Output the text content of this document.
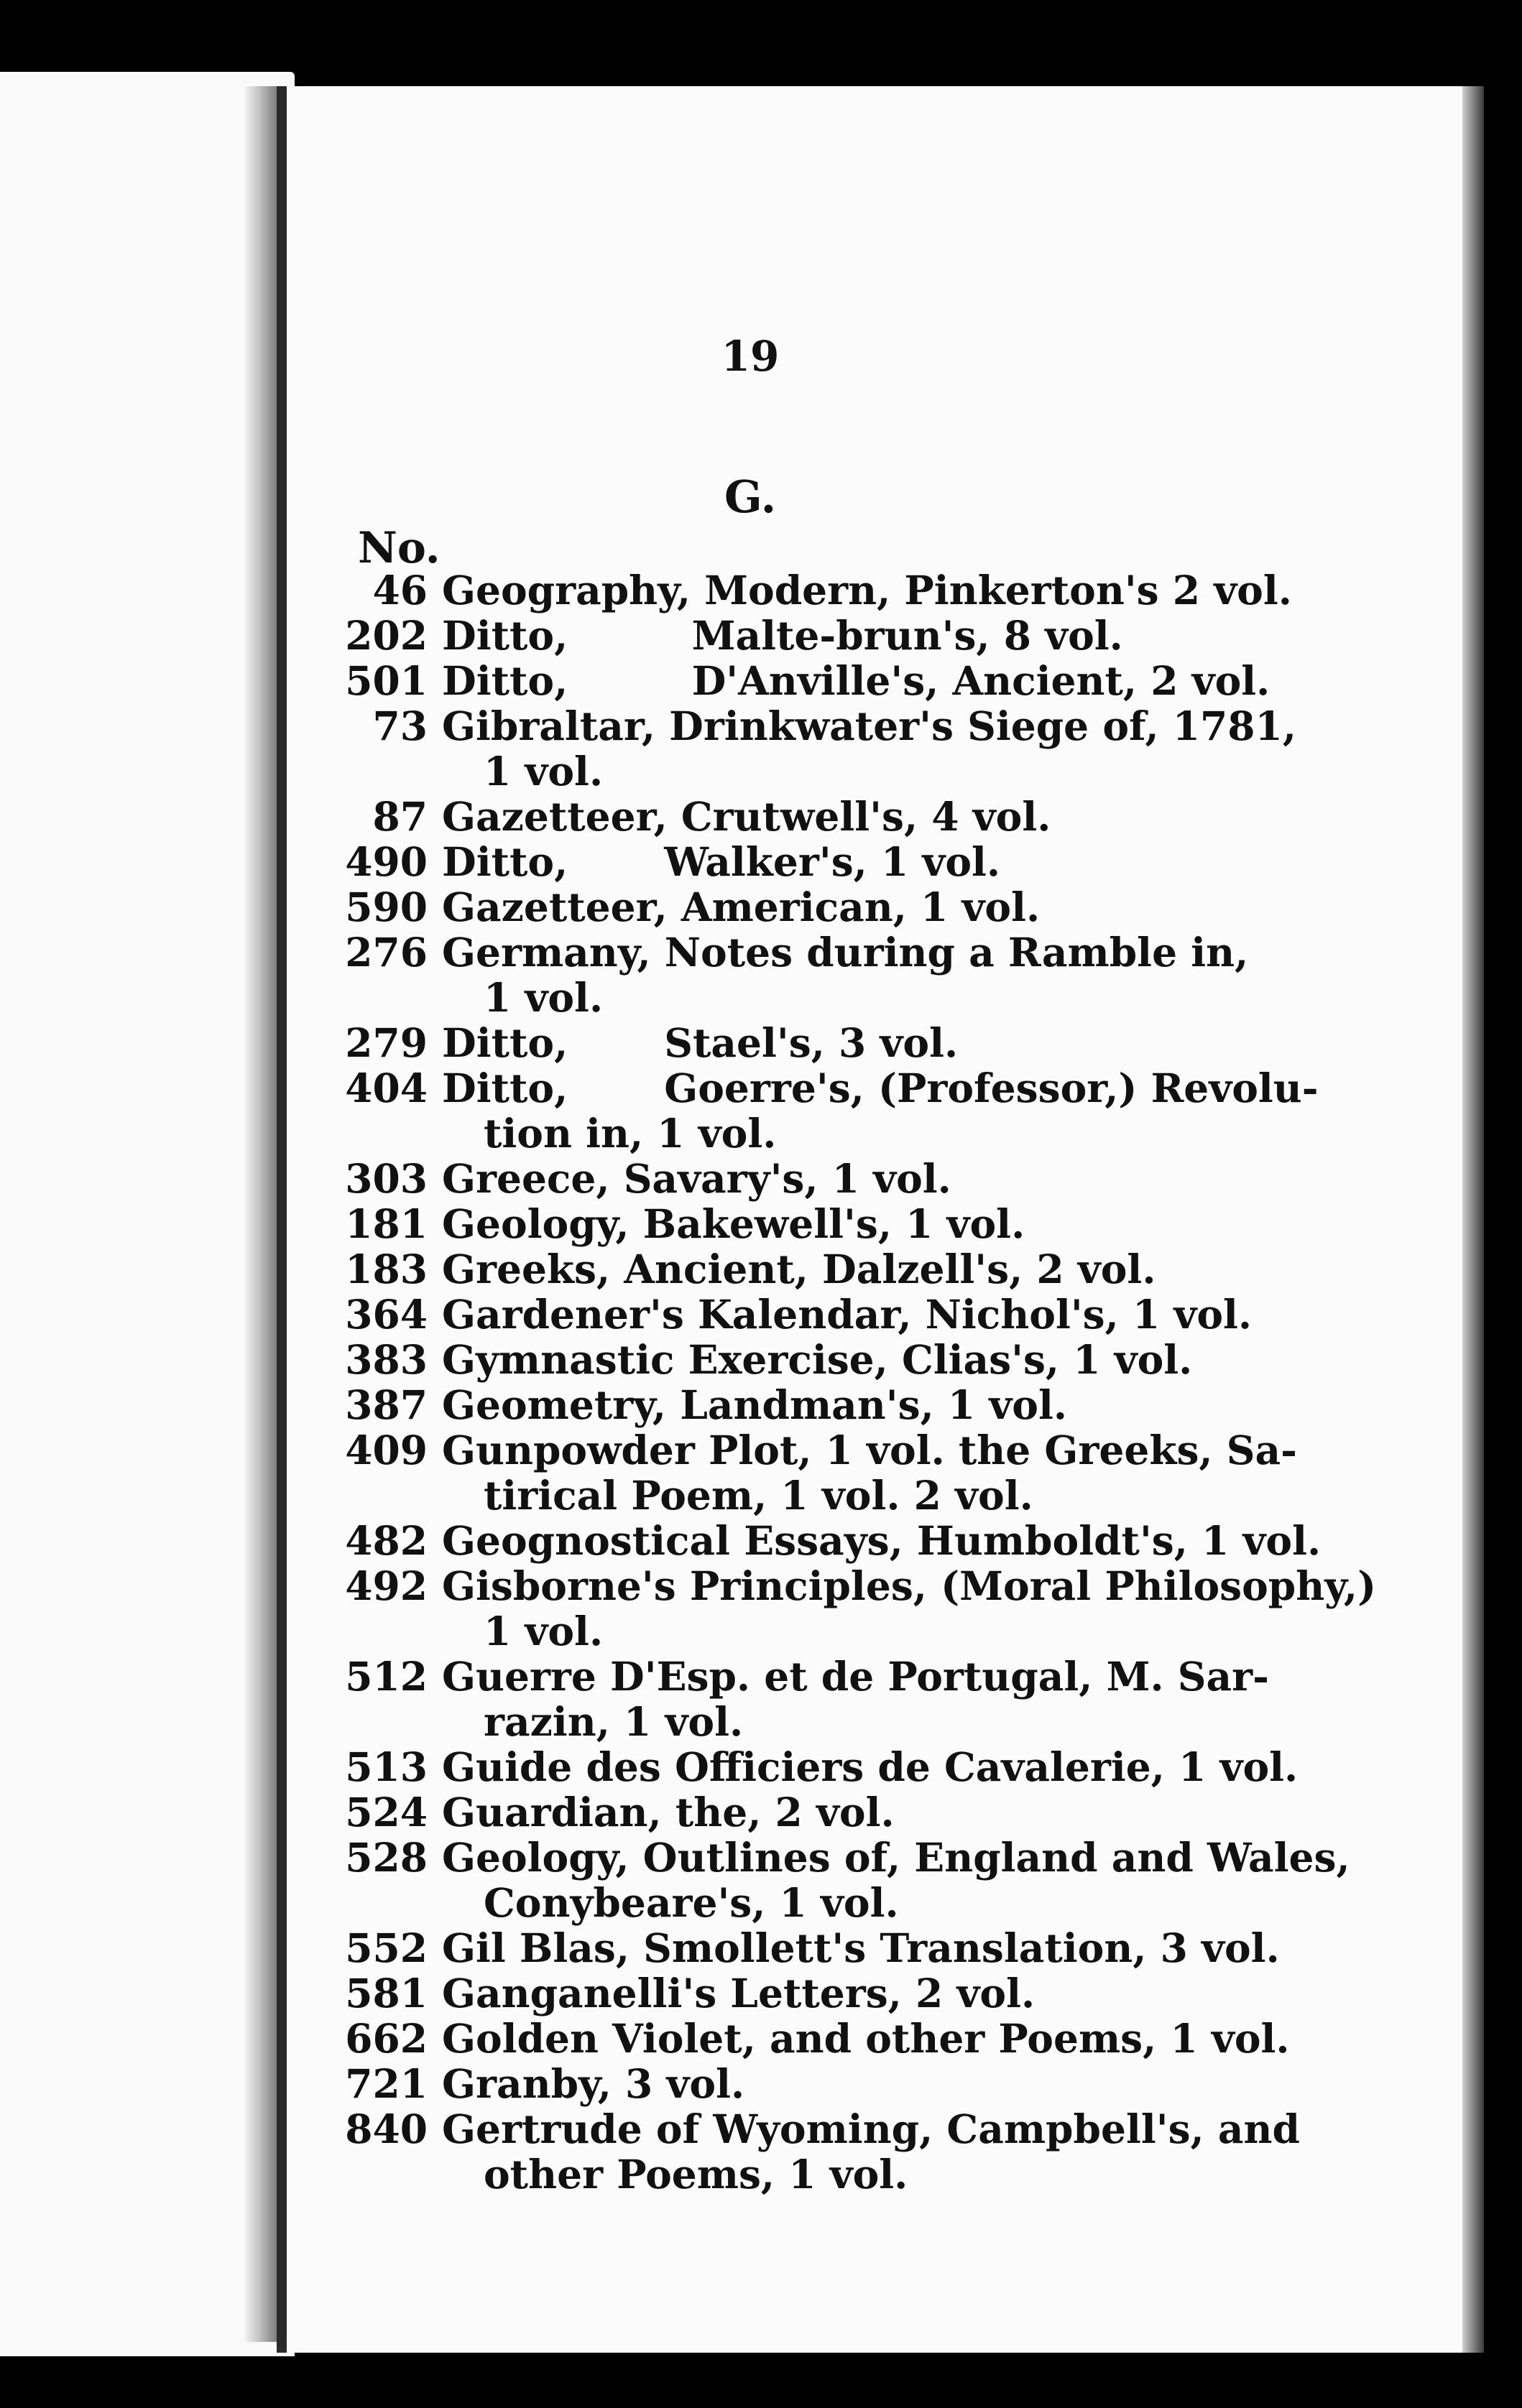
19
G.
No.
46 Geography, Modern, Pinkerton's 2 vol.
202 Ditto,         Malte-brun's, 8 vol.
501 Ditto,         D'Anville's, Ancient, 2 vol.
73 Gibraltar, Drinkwater's Siege of, 1781,
1 vol.
87 Gazetteer, Crutwell's, 4 vol.
490 Ditto,       Walker's, 1 vol.
590 Gazetteer, American, 1 vol.
276 Germany, Notes during a Ramble in,
1 vol.
279 Ditto,       Stael's, 3 vol.
404 Ditto,       Goerre's, (Professor,) Revolu-
tion in, 1 vol.
303 Greece, Savary's, 1 vol.
181 Geology, Bakewell's, 1 vol.
183 Greeks, Ancient, Dalzell's, 2 vol.
364 Gardener's Kalendar, Nichol's, 1 vol.
383 Gymnastic Exercise, Clias's, 1 vol.
387 Geometry, Landman's, 1 vol.
409 Gunpowder Plot, 1 vol. the Greeks, Sa-
tirical Poem, 1 vol. 2 vol.
482 Geognostical Essays, Humboldt's, 1 vol.
492 Gisborne's Principles, (Moral Philosophy,)
1 vol.
512 Guerre D'Esp. et de Portugal, M. Sar-
razin, 1 vol.
513 Guide des Officiers de Cavalerie, 1 vol.
524 Guardian, the, 2 vol.
528 Geology, Outlines of, England and Wales,
Conybeare's, 1 vol.
552 Gil Blas, Smollett's Translation, 3 vol.
581 Ganganelli's Letters, 2 vol.
662 Golden Violet, and other Poems, 1 vol.
721 Granby, 3 vol.
840 Gertrude of Wyoming, Campbell's, and
other Poems, 1 vol.
